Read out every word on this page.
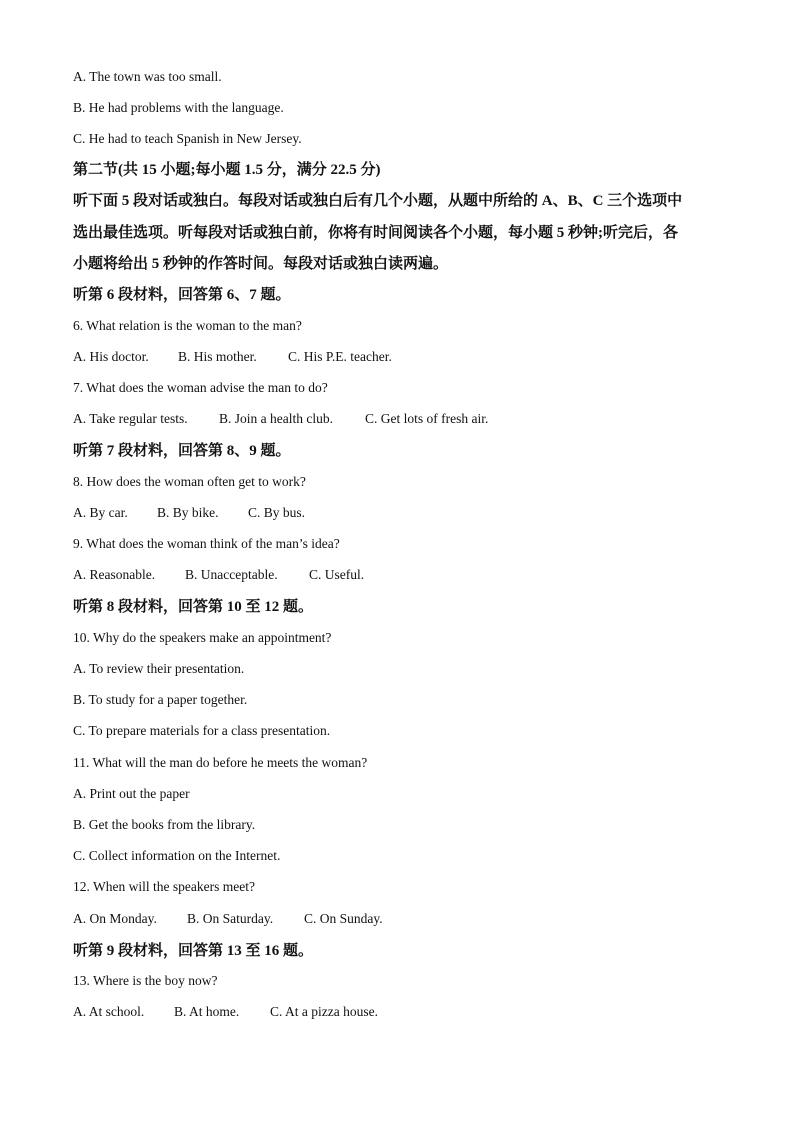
A. The town was too small.
B. He had problems with the language.
C. He had to teach Spanish in New Jersey.
第二节(共 15 小题;每小题 1.5 分，满分 22.5 分)
听下面 5 段对话或独白。每段对话或独白后有几个小题，从题中所给的 A、B、C 三个选项中
选出最佳选项。听每段对话或独白前，你将有时间阅读各个小题，每小题 5 秒钟;听完后，各
小题将给出 5 秒钟的作答时间。每段对话或独白读两遍。
听第 6 段材料，回答第 6、7 题。
6. What relation is the woman to the man?
A. His doctor. B. His mother. C. His P.E. teacher.
7. What does the woman advise the man to do?
A. Take regular tests. B. Join a health club. C. Get lots of fresh air.
听第 7 段材料，回答第 8、9 题。
8. How does the woman often get to work?
A. By car. B. By bike. C. By bus.
9. What does the woman think of the man’s idea?
A. Reasonable. B. Unacceptable. C. Useful.
听第 8 段材料，回答第 10 至 12 题。
10. Why do the speakers make an appointment?
A. To review their presentation.
B. To study for a paper together.
C. To prepare materials for a class presentation.
11. What will the man do before he meets the woman?
A. Print out the paper
B. Get the books from the library.
C. Collect information on the Internet.
12. When will the speakers meet?
A. On Monday. B. On Saturday. C. On Sunday.
听第 9 段材料，回答第 13 至 16 题。
13. Where is the boy now?
A. At school. B. At home. C. At a pizza house.
